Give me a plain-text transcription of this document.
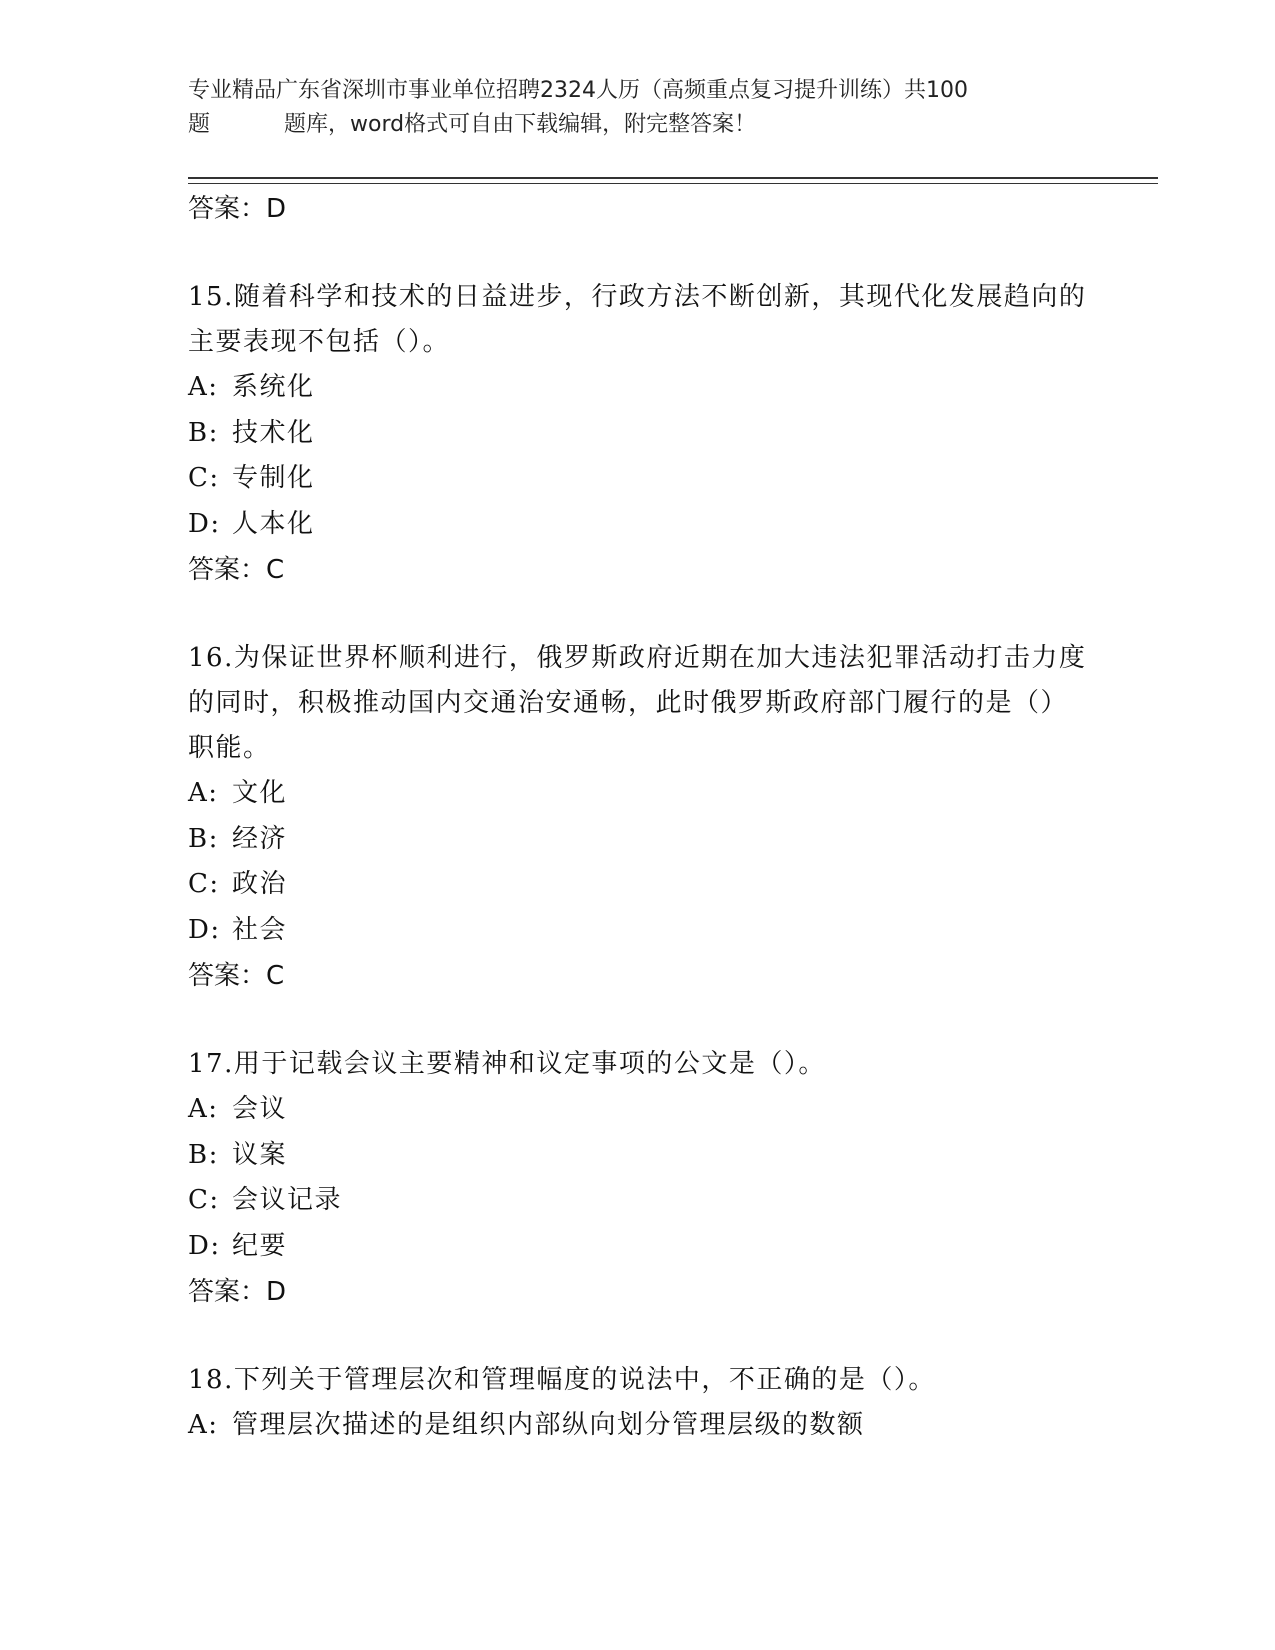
专业精品广东省深圳市事业单位招聘2324人历（高频重点复习提升训练）共100
题	题库，word格式可自由下载编辑，附完整答案！
答案：D
15.随着科学和技术的日益进步，行政方法不断创新，其现代化发展趋向的主要表现不包括（）。
A: 系统化
B: 技术化
C: 专制化
D: 人本化
答案：C
16.为保证世界杯顺利进行，俄罗斯政府近期在加大违法犯罪活动打击力度的同时，积极推动国内交通治安通畅，此时俄罗斯政府部门履行的是（）职能。
A: 文化
B: 经济
C: 政治
D: 社会
答案：C
17.用于记载会议主要精神和议定事项的公文是（）。
A: 会议
B: 议案
C: 会议记录
D: 纪要
答案：D
18.下列关于管理层次和管理幅度的说法中，不正确的是（）。
A: 管理层次描述的是组织内部纵向划分管理层级的数额
